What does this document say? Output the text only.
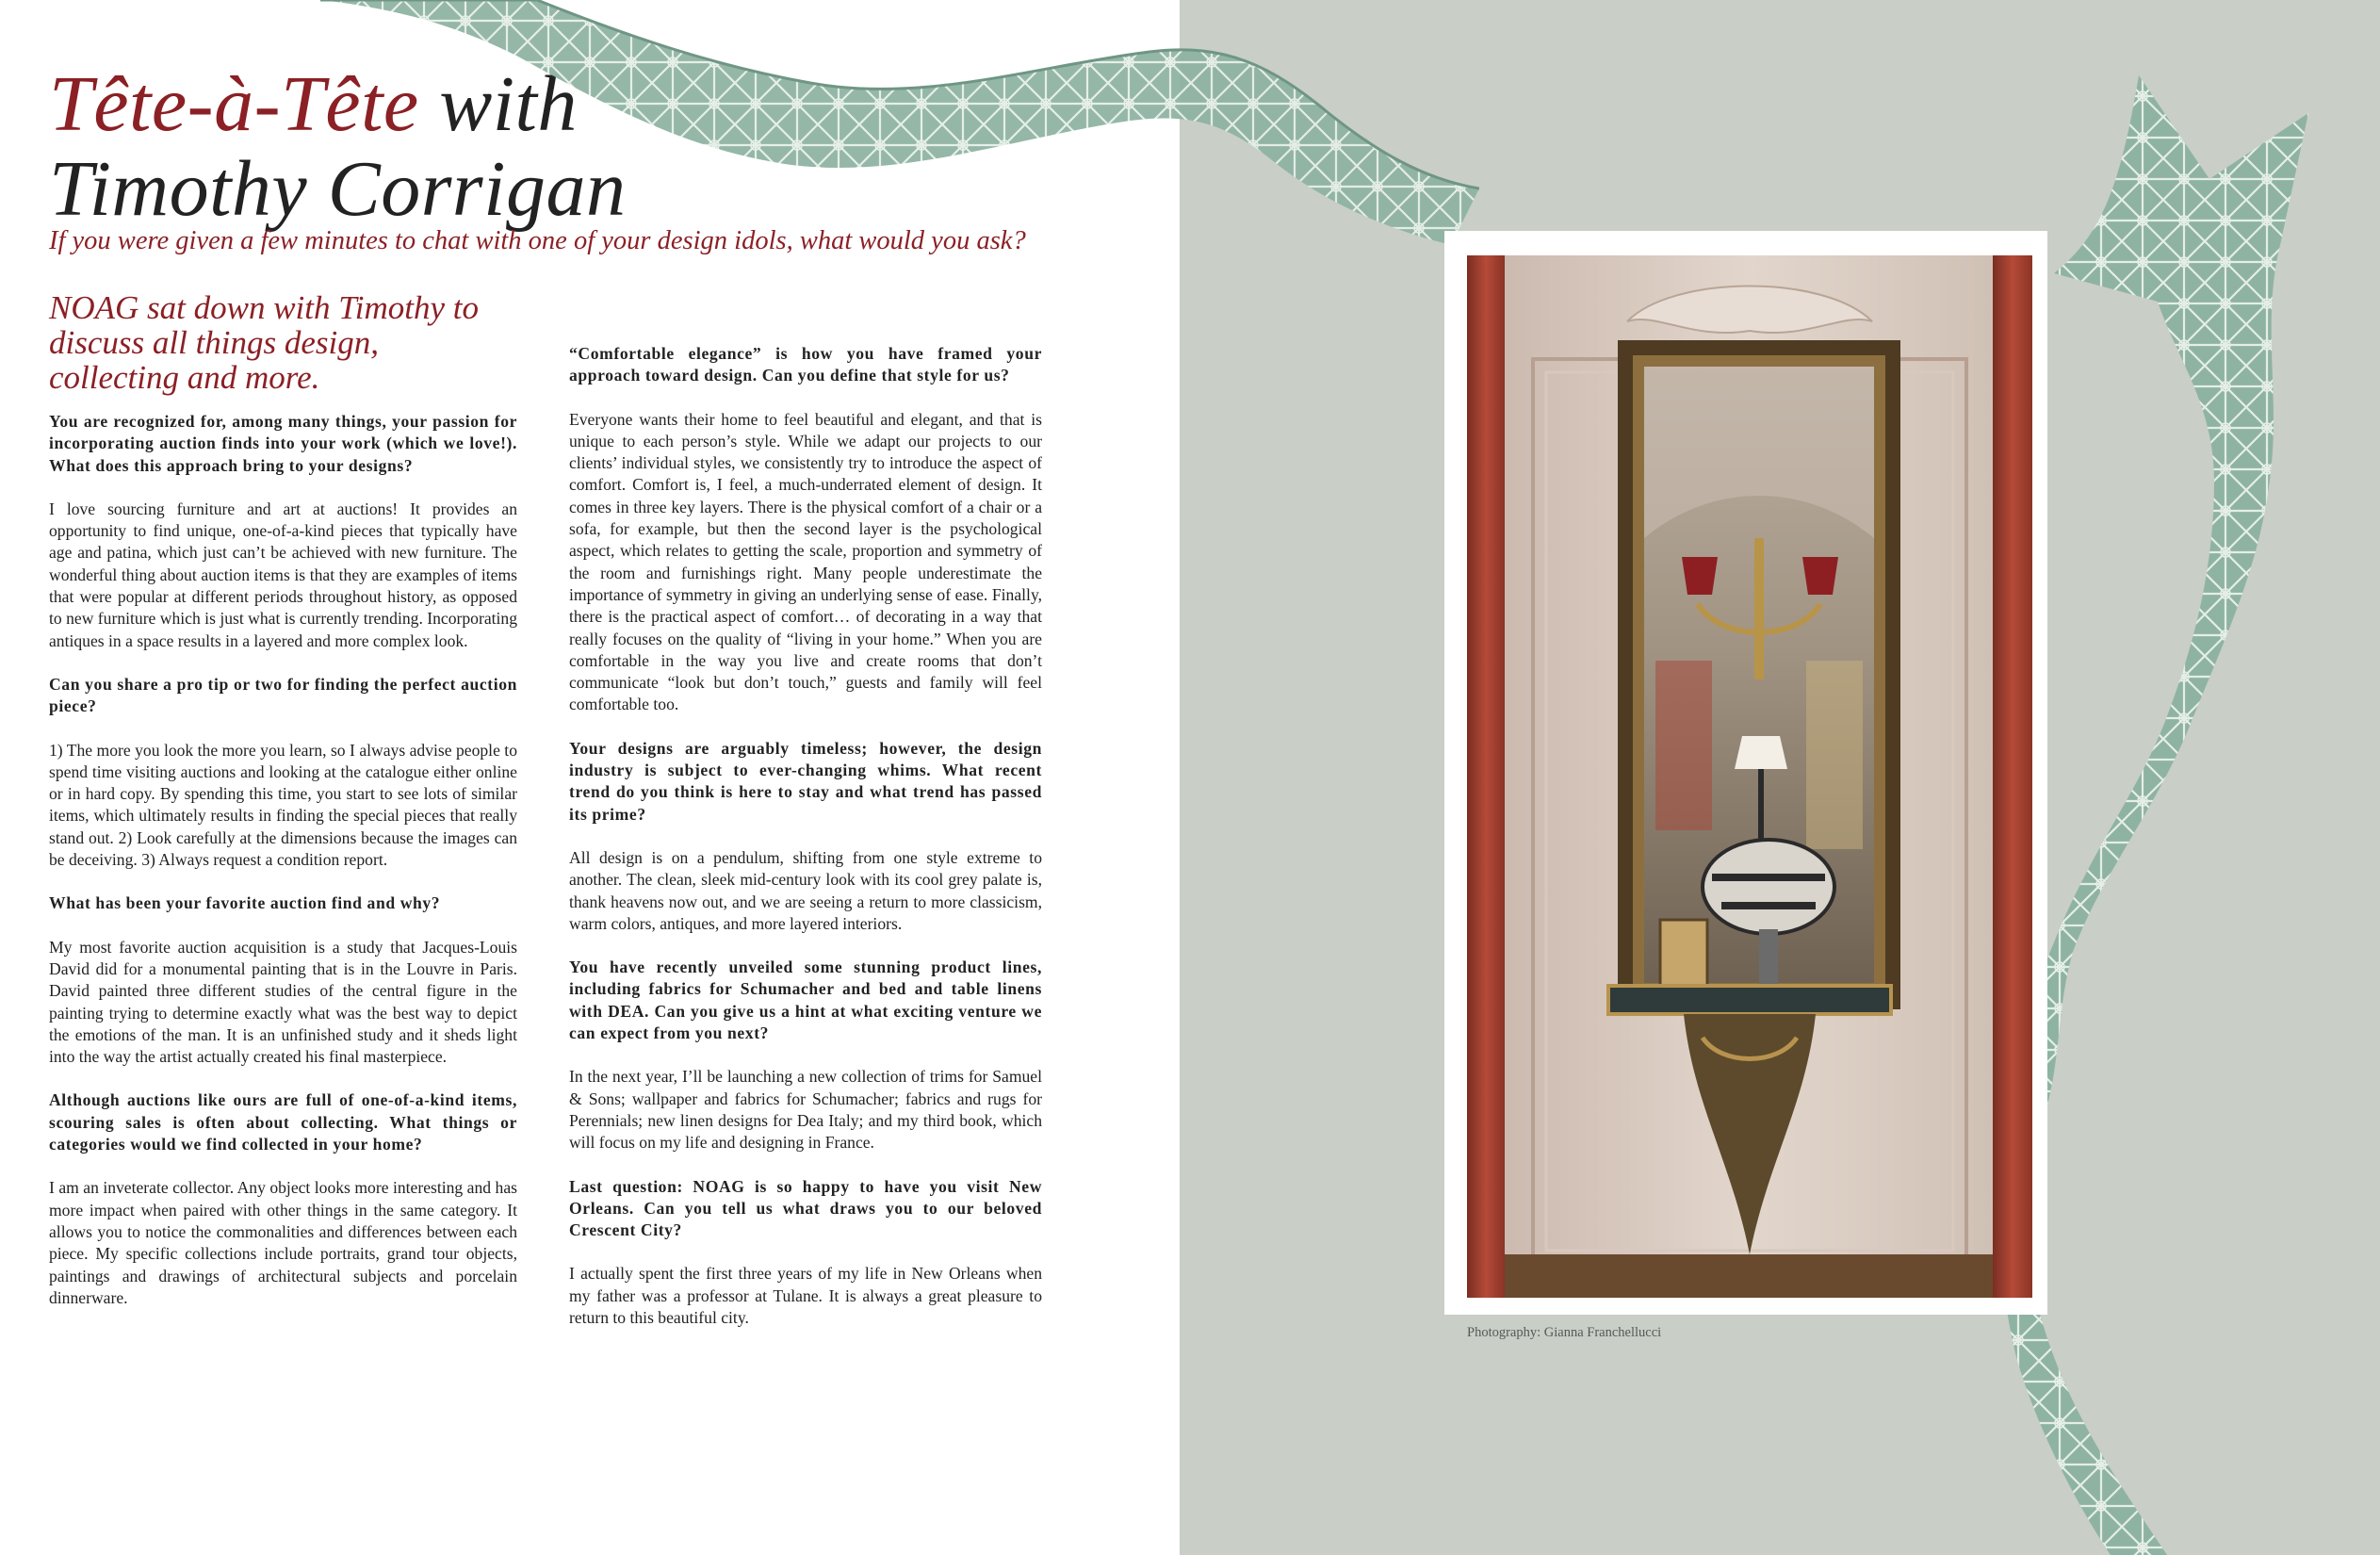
Tête-à-Tête with
Timothy Corrigan

If you were given a few minutes to chat with one of your design idols, what would you ask?

NOAG sat down with Timothy to discuss all things design, collecting and more.

You are recognized for, among many things, your passion for incorporating auction finds into your work (which we love!). What does this approach bring to your designs?

I love sourcing furniture and art at auctions! It provides an opportunity to find unique, one-of-a-kind pieces that typically have age and patina, which just can’t be achieved with new furniture. The wonderful thing about auction items is that they are examples of items that were popular at different periods throughout history, as opposed to new furniture which is just what is currently trending. Incorporating antiques in a space results in a layered and more complex look.

Can you share a pro tip or two for finding the perfect auction piece?

1) The more you look the more you learn, so I always advise people to spend time visiting auctions and looking at the catalogue either online or in hard copy. By spending this time, you start to see lots of similar items, which ultimately results in finding the special pieces that really stand out. 2) Look carefully at the dimensions because the images can be deceiving. 3) Always request a condition report.

What has been your favorite auction find and why?

My most favorite auction acquisition is a study that Jacques-Louis David did for a monumental painting that is in the Louvre in Paris. David painted three different studies of the central figure in the painting trying to determine exactly what was the best way to depict the emotions of the man. It is an unfinished study and it sheds light into the way the artist actually created his final masterpiece.

Although auctions like ours are full of one-of-a-kind items, scouring sales is often about collecting. What things or categories would we find collected in your home?

I am an inveterate collector. Any object looks more interesting and has more impact when paired with other things in the same category. It allows you to notice the commonalities and differences between each piece. My specific collections include portraits, grand tour objects, paintings and drawings of architectural subjects and porcelain dinnerware.

“Comfortable elegance” is how you have framed your approach toward design. Can you define that style for us?

Everyone wants their home to feel beautiful and elegant, and that is unique to each person’s style. While we adapt our projects to our clients’ individual styles, we consistently try to introduce the aspect of comfort. Comfort is, I feel, a much-underrated element of design. It comes in three key layers. There is the physical comfort of a chair or a sofa, for example, but then the second layer is the psychological aspect, which relates to getting the scale, proportion and symmetry of the room and furnishings right. Many people underestimate the importance of symmetry in giving an underlying sense of ease. Finally, there is the practical aspect of comfort… of decorating in a way that really focuses on the quality of “living in your home.” When you are comfortable in the way you live and create rooms that don’t communicate “look but don’t touch,” guests and family will feel comfortable too.

Your designs are arguably timeless; however, the design industry is subject to ever-changing whims. What recent trend do you think is here to stay and what trend has passed its prime?

All design is on a pendulum, shifting from one style extreme to another. The clean, sleek mid-century look with its cool grey palate is, thank heavens now out, and we are seeing a return to more classicism, warm colors, antiques, and more layered interiors.

You have recently unveiled some stunning product lines, including fabrics for Schumacher and bed and table linens with DEA. Can you give us a hint at what exciting venture we can expect from you next?

In the next year, I’ll be launching a new collection of trims for Samuel & Sons; wallpaper and fabrics for Schumacher; fabrics and rugs for Perennials; new linen designs for Dea Italy; and my third book, which will focus on my life and designing in France.

Last question: NOAG is so happy to have you visit New Orleans. Can you tell us what draws you to our beloved Crescent City?

I actually spent the first three years of my life in New Orleans when my father was a professor at Tulane. It is always a great pleasure to return to this beautiful city.

Photography: Gianna Franchellucci
